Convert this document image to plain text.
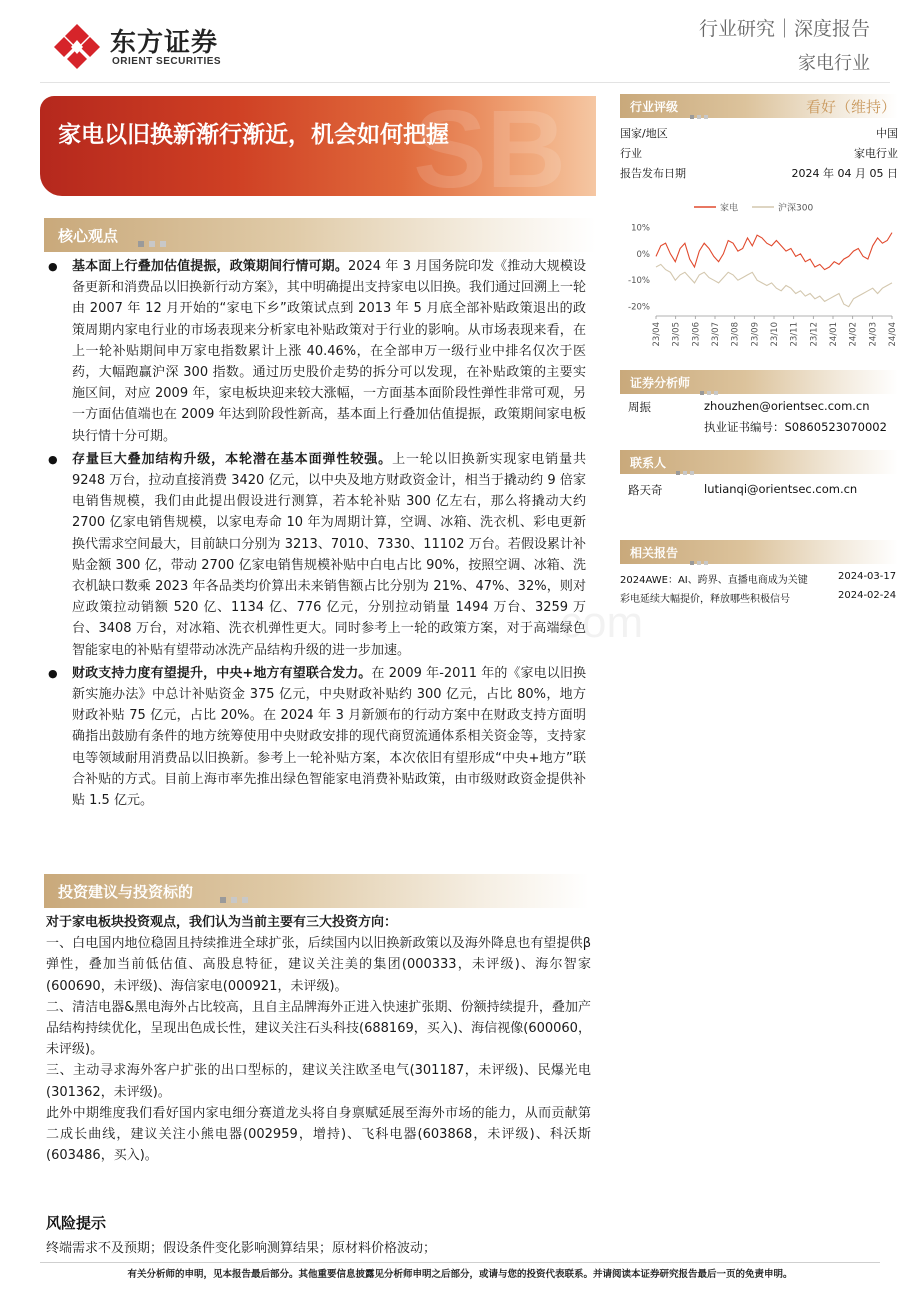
东方证券
ORIENT SECURITIES
行业研究｜深度报告
家电行业
SB
家电以旧换新渐行渐近，机会如何把握
核心观点
● 基本面上行叠加估值提振，政策期间行情可期。2024 年 3 月国务院印发《推动大规模设备更新和消费品以旧换新行动方案》，其中明确提出支持家电以旧换。我们通过回溯上一轮由 2007 年 12 月开始的“家电下乡”政策试点到 2013 年 5 月底全部补贴政策退出的政策周期内家电行业的市场表现来分析家电补贴政策对于行业的影响。从市场表现来看，在上一轮补贴期间申万家电指数累计上涨 40.46%，在全部申万一级行业中排名仅次于医药，大幅跑赢沪深 300 指数。通过历史股价走势的拆分可以发现，在补贴政策的主要实施区间，对应 2009 年，家电板块迎来较大涨幅，一方面基本面阶段性弹性非常可观，另一方面估值端也在 2009 年达到阶段性新高，基本面上行叠加估值提振，政策期间家电板块行情十分可期。
● 存量巨大叠加结构升级，本轮潜在基本面弹性较强。上一轮以旧换新实现家电销量共 9248 万台，拉动直接消费 3420 亿元，以中央及地方财政资金计，相当于撬动约 9 倍家电销售规模，我们由此提出假设进行测算，若本轮补贴 300 亿左右，那么将撬动大约 2700 亿家电销售规模，以家电寿命 10 年为周期计算，空调、冰箱、洗衣机、彩电更新换代需求空间最大，目前缺口分别为 3213、7010、7330、11102 万台。若假设累计补贴金额 300 亿，带动 2700 亿家电销售规模补贴中白电占比 90%，按照空调、冰箱、洗衣机缺口数乘 2023 年各品类均价算出未来销售额占比分别为 21%、47%、32%，则对应政策拉动销额 520 亿、1134 亿、776 亿元，分别拉动销量 1494 万台、3259 万台、3408 万台，对冰箱、洗衣机弹性更大。同时参考上一轮的政策方案，对于高端绿色智能家电的补贴有望带动冰洗产品结构升级的进一步加速。
● 财政支持力度有望提升，中央+地方有望联合发力。在 2009 年-2011 年的《家电以旧换新实施办法》中总计补贴资金 375 亿元，中央财政补贴约 300 亿元，占比 80%，地方财政补贴 75 亿元，占比 20%。在 2024 年 3 月新颁布的行动方案中在财政支持方面明确指出鼓励有条件的地方统筹使用中央财政安排的现代商贸流通体系相关资金等，支持家电等领域耐用消费品以旧换新。参考上一轮补贴方案，本次依旧有望形成“中央+地方”联合补贴的方式。目前上海市率先推出绿色智能家电消费补贴政策，由市级财政资金提供补贴 1.5 亿元。
投资建议与投资标的

对于家电板块投资观点，我们认为当前主要有三大投资方向：

一、白电国内地位稳固且持续推进全球扩张，后续国内以旧换新政策以及海外降息也有望提供β弹性，叠加当前低估值、高股息特征，建议关注美的集团(000333，未评级)、海尔智家(600690，未评级)、海信家电(000921，未评级)。

二、清洁电器&黑电海外占比较高，且自主品牌海外正进入快速扩张期、份额持续提升，叠加产品结构持续优化，呈现出色成长性，建议关注石头科技(688169，买入)、海信视像(600060，未评级)。

三、主动寻求海外客户扩张的出口型标的，建议关注欧圣电气(301187，未评级)、民爆光电(301362，未评级)。

此外中期维度我们看好国内家电细分赛道龙头将自身禀赋延展至海外市场的能力，从而贡献第二成长曲线，建议关注小熊电器(002959，增持)、飞科电器(603868，未评级)、科沃斯(603486，买入)。

风险提示
终端需求不及预期；假设条件变化影响测算结果；原材料价格波动；
有关分析师的申明，见本报告最后部分。其他重要信息披露见分析师申明之后部分，或请与您的投资代表联系。并请阅读本证券研究报告最后一页的免责申明。
行业评级	看好（维持）
国家/地区	中国
行业	家电行业
报告发布日期	2024 年 04 月 05 日
家电	沪深300
10%
0%
-10%
-20%
23/04 23/05 23/06 23/07 23/08 23/09 23/10 23/11 23/12 24/01 24/02 24/03 24/04
证券分析师
周振	zhouzhen@orientsec.com.cn
执业证书编号：S0860523070002
联系人
路天奇	lutianqi@orientsec.com.cn
相关报告
2024AWE：AI、跨界、直播电商成为关键	2024-03-17
彩电延续大幅提价，释放哪些积极信号	2024-02-24
com
